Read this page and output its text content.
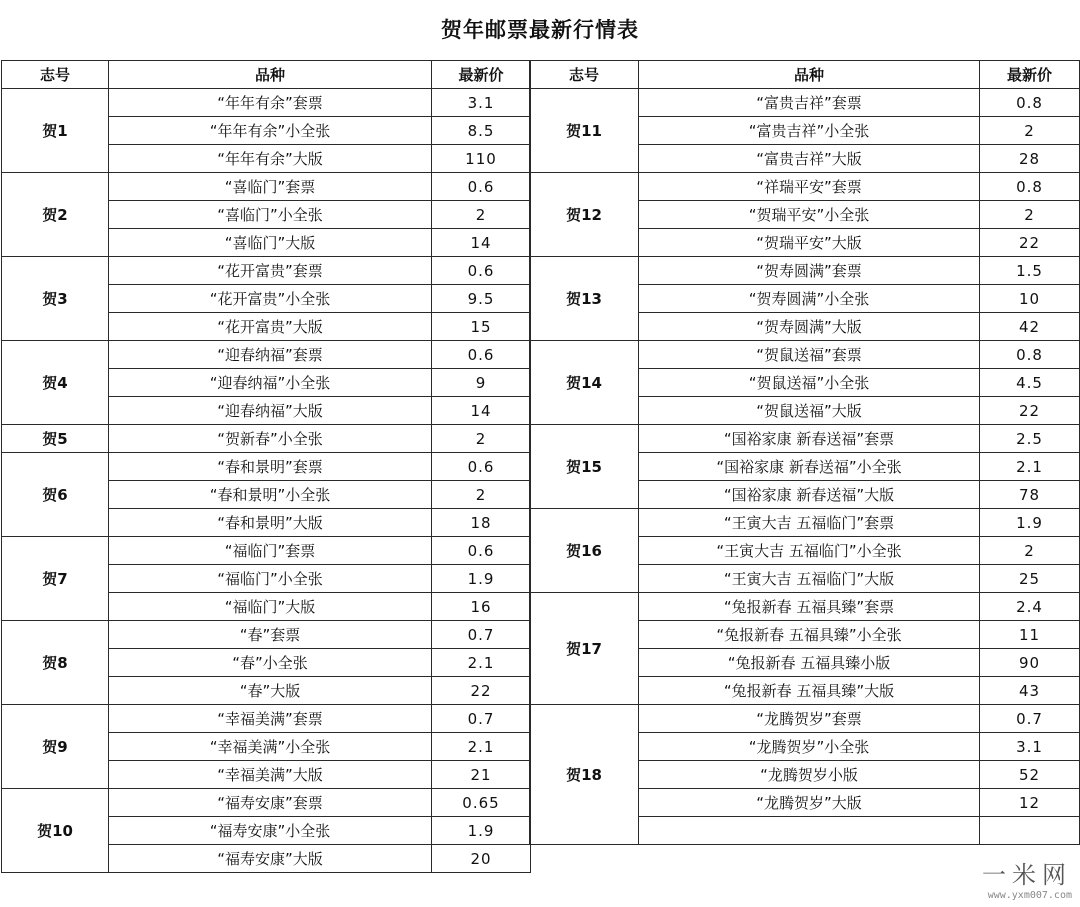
贺年邮票最新行情表
志号	品种	最新价
贺1	“年年有余”套票	3.1
	“年年有余”小全张	8.5
	“年年有余”大版	110
贺2	“喜临门”套票	0.6
	“喜临门”小全张	2
	“喜临门”大版	14
贺3	“花开富贵”套票	0.6
	“花开富贵”小全张	9.5
	“花开富贵”大版	15
贺4	“迎春纳福”套票	0.6
	“迎春纳福”小全张	9
	“迎春纳福”大版	14
贺5	“贺新春”小全张	2
贺6	“春和景明”套票	0.6
	“春和景明”小全张	2
	“春和景明”大版	18
贺7	“福临门”套票	0.6
	“福临门”小全张	1.9
	“福临门”大版	16
贺8	“春”套票	0.7
	“春”小全张	2.1
	“春”大版	22
贺9	“幸福美满”套票	0.7
	“幸福美满”小全张	2.1
	“幸福美满”大版	21
贺10	“福寿安康”套票	0.65
	“福寿安康”小全张	1.9
	“福寿安康”大版	20
志号	品种	最新价
贺11	“富贵吉祥”套票	0.8
	“富贵吉祥”小全张	2
	“富贵吉祥”大版	28
贺12	“祥瑞平安”套票	0.8
	“贺瑞平安”小全张	2
	“贺瑞平安”大版	22
贺13	“贺寿圆满”套票	1.5
	“贺寿圆满”小全张	10
	“贺寿圆满”大版	42
贺14	“贺鼠送福”套票	0.8
	“贺鼠送福”小全张	4.5
	“贺鼠送福”大版	22
贺15	“国裕家康 新春送福”套票	2.5
	“国裕家康 新春送福”小全张	2.1
	“国裕家康 新春送福”大版	78
贺16	“王寅大吉 五福临门”套票	1.9
	“王寅大吉 五福临门”小全张	2
	“王寅大吉 五福临门”大版	25
贺17	“兔报新春 五福具臻”套票	2.4
	“兔报新春 五福具臻”小全张	11
	“兔报新春 五福具臻小版	90
	“兔报新春 五福具臻”大版	43
贺18	“龙腾贺岁”套票	0.7
	“龙腾贺岁”小全张	3.1
	“龙腾贺岁小版	52
	“龙腾贺岁”大版	12

一米网
www.yxm007.com
